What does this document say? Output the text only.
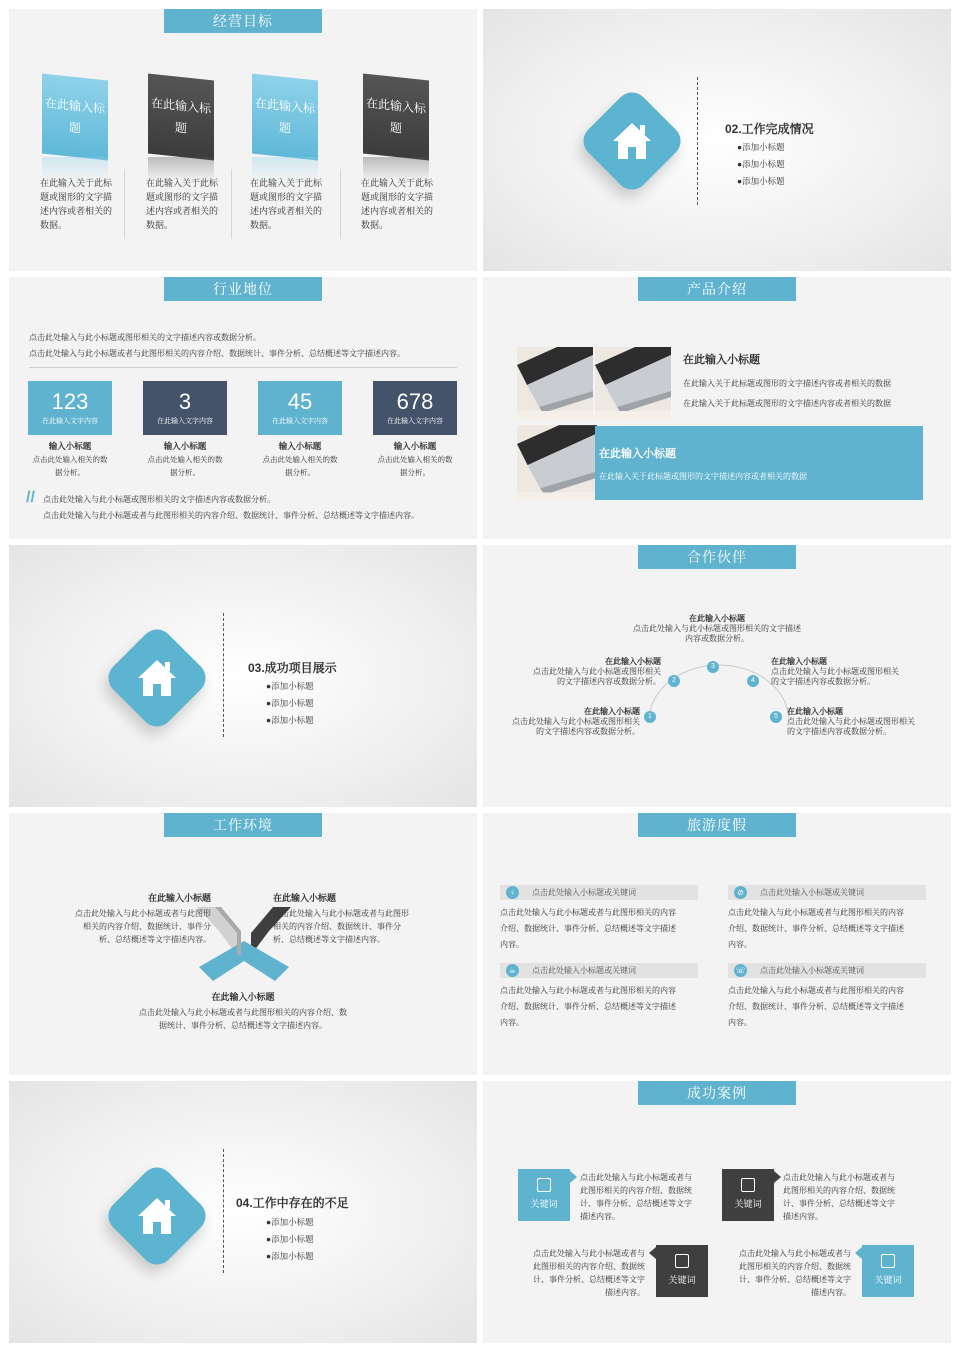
经营目标
在此输入标
题
在此输入标
题
在此输入标
题
在此输入标
题
在此输入关于此标
题或图形的文字描
述内容或者相关的
数据。
在此输入关于此标
题或图形的文字描
述内容或者相关的
数据。
在此输入关于此标
题或图形的文字描
述内容或者相关的
数据。
在此输入关于此标
题或图形的文字描
述内容或者相关的
数据。
02.工作完成情况
●添加小标题
●添加小标题
●添加小标题
行业地位
点击此处输入与此小标题或图形相关的文字描述内容或数据分析。
点击此处输入与此小标题或者与此图形相关的内容介绍、数据统计、事件分析、总结概述等文字描述内容。
123
在此输入文字内容
3
在此输入文字内容
45
在此输入文字内容
678
在此输入文字内容
输入小标题
点击此处输入相关的数
据分析。
输入小标题
点击此处输入相关的数
据分析。
输入小标题
点击此处输入相关的数
据分析。
输入小标题
点击此处输入相关的数
据分析。
// 点击此处输入与此小标题或图形相关的文字描述内容或数据分析。
点击此处输入与此小标题或者与此图形相关的内容介绍、数据统计、事件分析、总结概述等文字描述内容。
产品介绍
在此输入小标题
在此输入关于此标题或图形的文字描述内容或者相关的数据
在此输入关于此标题或图形的文字描述内容或者相关的数据
在此输入小标题
在此输入关于此标题或图形的文字描述内容或者相关的数据
03.成功项目展示
●添加小标题
●添加小标题
●添加小标题
合作伙伴
1
2
3
4
5
在此输入小标题
点击此处输入与此小标题或图形相关的文字描述
内容或数据分析。
在此输入小标题
点击此处输入与此小标题或图形相关
的文字描述内容或数据分析。
在此输入小标题
点击此处输入与此小标题或图形相关
的文字描述内容或数据分析。
在此输入小标题
点击此处输入与此小标题或图形相关
的文字描述内容或数据分析。
在此输入小标题
点击此处输入与此小标题或图形相关
的文字描述内容或数据分析。
工作环境
在此输入小标题
点击此处输入与此小标题或者与此图形
相关的内容介绍、数据统计、事件分
析、总结概述等文字描述内容。
在此输入小标题
点击此处输入与此小标题或者与此图形
相关的内容介绍、数据统计、事件分
析、总结概述等文字描述内容。
在此输入小标题
点击此处输入与此小标题或者与此图形相关的内容介绍、数
据统计、事件分析、总结概述等文字描述内容。
旅游度假
♀	点击此处输入小标题或关键词
点击此处输入与此小标题或者与此图形相关的内容
介绍、数据统计、事件分析、总结概述等文字描述
内容。
⊘	点击此处输入小标题或关键词
点击此处输入与此小标题或者与此图形相关的内容
介绍、数据统计、事件分析、总结概述等文字描述
内容。
☕	点击此处输入小标题或关键词
点击此处输入与此小标题或者与此图形相关的内容
介绍、数据统计、事件分析、总结概述等文字描述
内容。
☏ 点击此处输入小标题或关键词
点击此处输入与此小标题或者与此图形相关的内容
介绍、数据统计、事件分析、总结概述等文字描述
内容。
04.工作中存在的不足
●添加小标题
●添加小标题
●添加小标题
成功案例
关键词
点击此处输入与此小标题或者与
此图形相关的内容介绍、数据统
计、事件分析、总结概述等文字
描述内容。
关键词
点击此处输入与此小标题或者与
此图形相关的内容介绍、数据统
计、事件分析、总结概述等文字
描述内容。
点击此处输入与此小标题或者与
此图形相关的内容介绍、数据统
计、事件分析、总结概述等文字
描述内容。
关键词
点击此处输入与此小标题或者与
此图形相关的内容介绍、数据统
计、事件分析、总结概述等文字
描述内容。
关键词
